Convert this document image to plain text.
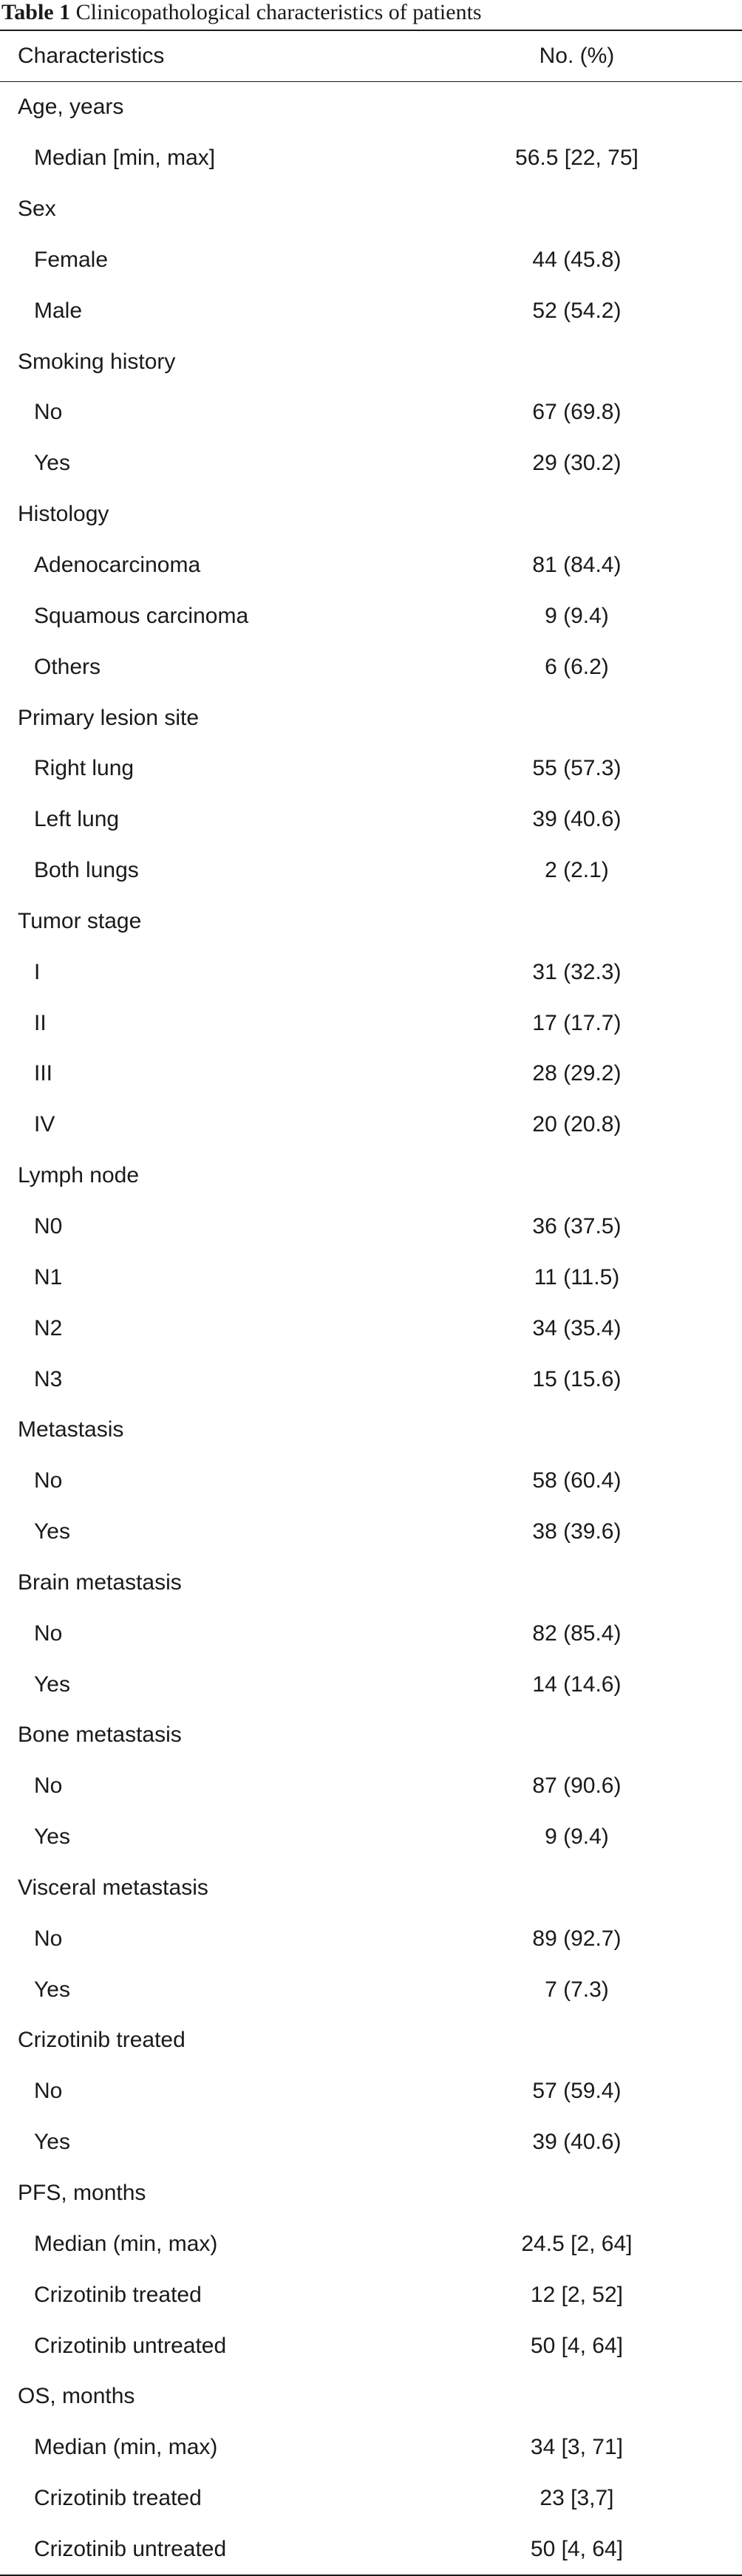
Table 1 Clinicopathological characteristics of patients
Characteristics	No. (%)	

Age, years		
Median [min, max]	56.5 [22, 75]	
Sex		
Female	44 (45.8)	
Male	52 (54.2)	
Smoking history		
No	67 (69.8)	
Yes	29 (30.2)	
Histology		
Adenocarcinoma	81 (84.4)	
Squamous carcinoma	9 (9.4)	
Others	6 (6.2)	
Primary lesion site		
Right lung	55 (57.3)	
Left lung	39 (40.6)	
Both lungs	2 (2.1)	
Tumor stage		
I	31 (32.3)	
II	17 (17.7)	
III	28 (29.2)	
IV	20 (20.8)	
Lymph node		
N0	36 (37.5)	
N1	11 (11.5)	
N2	34 (35.4)	
N3	15 (15.6)	
Metastasis		
No	58 (60.4)	
Yes	38 (39.6)	
Brain metastasis		
No	82 (85.4)	
Yes	14 (14.6)	
Bone metastasis		
No	87 (90.6)	
Yes	9 (9.4)	
Visceral metastasis		
No	89 (92.7)	
Yes	7 (7.3)	
Crizotinib treated		
No	57 (59.4)	
Yes	39 (40.6)	
PFS, months		
Median (min, max)	24.5 [2, 64]	
Crizotinib treated	12 [2, 52]	
Crizotinib untreated	50 [4, 64]	
OS, months		
Median (min, max)	34 [3, 71]	
Crizotinib treated	23 [3,7]	
Crizotinib untreated	50 [4, 64]	
